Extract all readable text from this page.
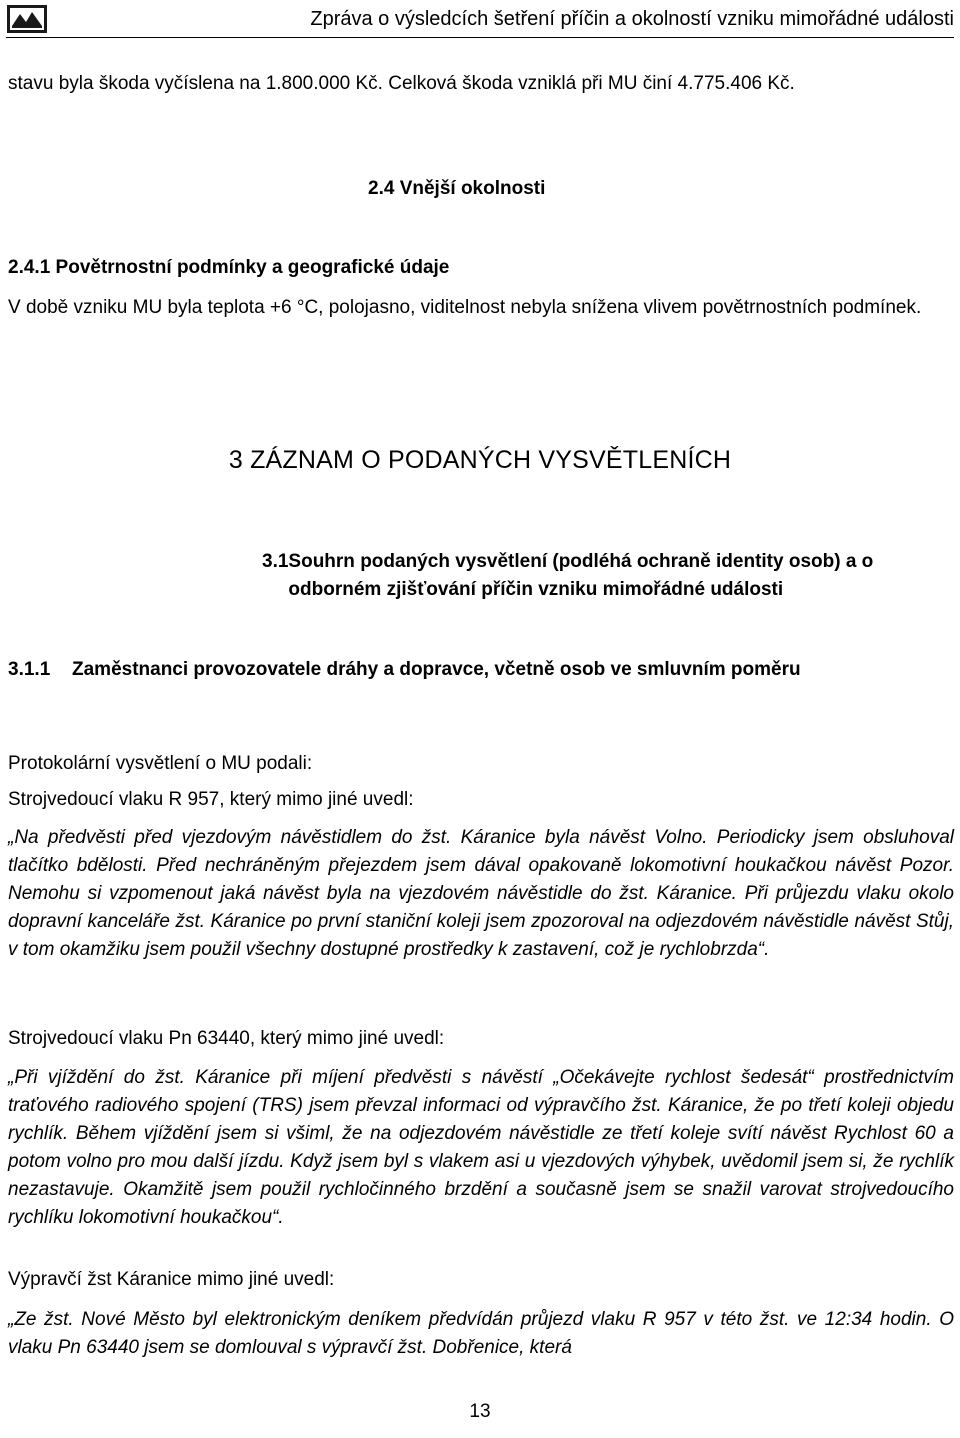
Zpráva o výsledcích šetření příčin a okolností vzniku mimořádné události

stavu byla škoda vyčíslena na 1.800.000 Kč. Celková škoda vzniklá při MU činí 4.775.406 Kč.

2.4 Vnější okolnosti

2.4.1 Povětrnostní podmínky a geografické údaje

V době vzniku MU byla teplota +6 °C, polojasno, viditelnost nebyla snížena vlivem povětrnostních podmínek.

3 ZÁZNAM O PODANÝCH VYSVĚTLENÍCH
3.1 Souhrn podaných vysvětlení (podléhá ochraně identity osob) a o odborném zjišťování příčin vzniku mimořádné události
3.1.1	Zaměstnanci provozovatele dráhy a dopravce, včetně osob ve smluvním poměru

Protokolární vysvětlení o MU podali:

Strojvedoucí vlaku R 957, který mimo jiné uvedl:

„Na předvěsti před vjezdovým návěstidlem do žst. Káranice byla návěst Volno. Periodicky jsem obsluhoval tlačítko bdělosti. Před nechráněným přejezdem jsem dával opakovaně lokomotivní houkačkou návěst Pozor. Nemohu si vzpomenout jaká návěst byla na vjezdovém návěstidle do žst. Káranice. Při průjezdu vlaku okolo dopravní kanceláře žst. Káranice po první staniční koleji jsem zpozoroval na odjezdovém návěstidle návěst Stůj, v tom okamžiku jsem použil všechny dostupné prostředky k zastavení, což je rychlobrzda“.

Strojvedoucí vlaku Pn 63440, který mimo jiné uvedl:

„Při vjíždění do žst. Káranice při míjení předvěsti s návěstí „Očekávejte rychlost šedesát“ prostřednictvím traťového radiového spojení (TRS) jsem převzal informaci od výpravčího žst. Káranice, že po třetí koleji objedu rychlík. Během vjíždění jsem si všiml, že na odjezdovém návěstidle ze třetí koleje svítí návěst Rychlost 60 a potom volno pro mou další jízdu. Když jsem byl s vlakem asi u vjezdových výhybek, uvědomil jsem si, že rychlík nezastavuje. Okamžitě jsem použil rychločinného brzdění a současně jsem se snažil varovat strojvedoucího rychlíku lokomotivní houkačkou“.

Výpravčí žst Káranice mimo jiné uvedl:

„Ze žst. Nové Město byl elektronickým deníkem předvídán průjezd vlaku R 957 v této žst. ve 12:34 hodin. O vlaku Pn 63440 jsem se domlouval s výpravčí žst. Dobřenice, která

13
